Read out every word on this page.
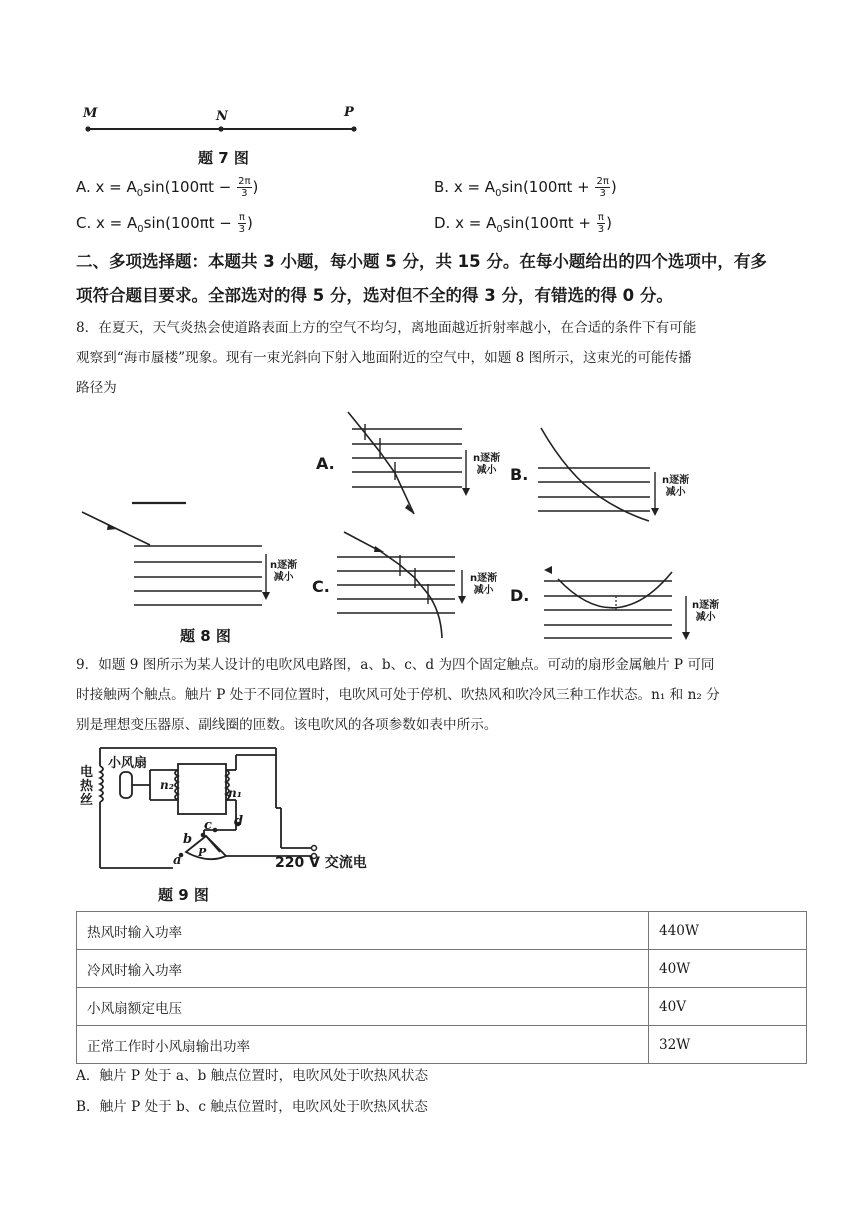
M	N	P
题 7 图
A. $x = A_0\sin(100\pi t - \frac{2\pi}{3}$ )	B. $x = A_0\sin(100\pi t + \frac{2\pi}{3}$ )
C. $x = A_0\sin(100\pi t - \frac{\pi}{3}$ )	D. $x = A_0\sin(100\pi t + \frac{\pi}{3}$ )
二、多项选择题：本题共 3 小题，每小题 5 分，共 15 分。在每小题给出的四个选项中，有多
项符合题目要求。全部选对的得 5 分，选对但不全的得 3 分，有错选的得 0 分。
8．在夏天，天气炎热会使道路表面上方的空气不均匀，离地面越近折射率越小，在合适的条件下有可能
观察到“海市蜃楼”现象。现有一束光斜向下射入地面附近的空气中，如题 8 图所示，这束光的可能传播
路径为
A.
B.
C.	D.
n逐渐
减小
n逐渐
减小
n逐渐
减小
n逐渐
减小
n逐渐
减小
题 8 图
9．如题 9 图所示为某人设计的电吹风电路图，a、b、c、d 为四个固定触点。可动的扇形金属触片 P 可同
时接触两个触点。触片 P 处于不同位置时，电吹风可处于停机、吹热风和吹冷风三种工作状态。n₁ 和 n₂ 分
别是理想变压器原、副线圈的匝数。该电吹风的各项参数如表中所示。
电
热
丝
小风扇
n₂
n₁
a
b
c d
P
220 V 交流电
题 9 图
热风时输入功率	440W
冷风时输入功率	40W
小风扇额定电压	40V
正常工作时小风扇输出功率	32W
A．触片 P 处于 a、b 触点位置时，电吹风处于吹热风状态
B．触片 P 处于 b、c 触点位置时，电吹风处于吹热风状态
